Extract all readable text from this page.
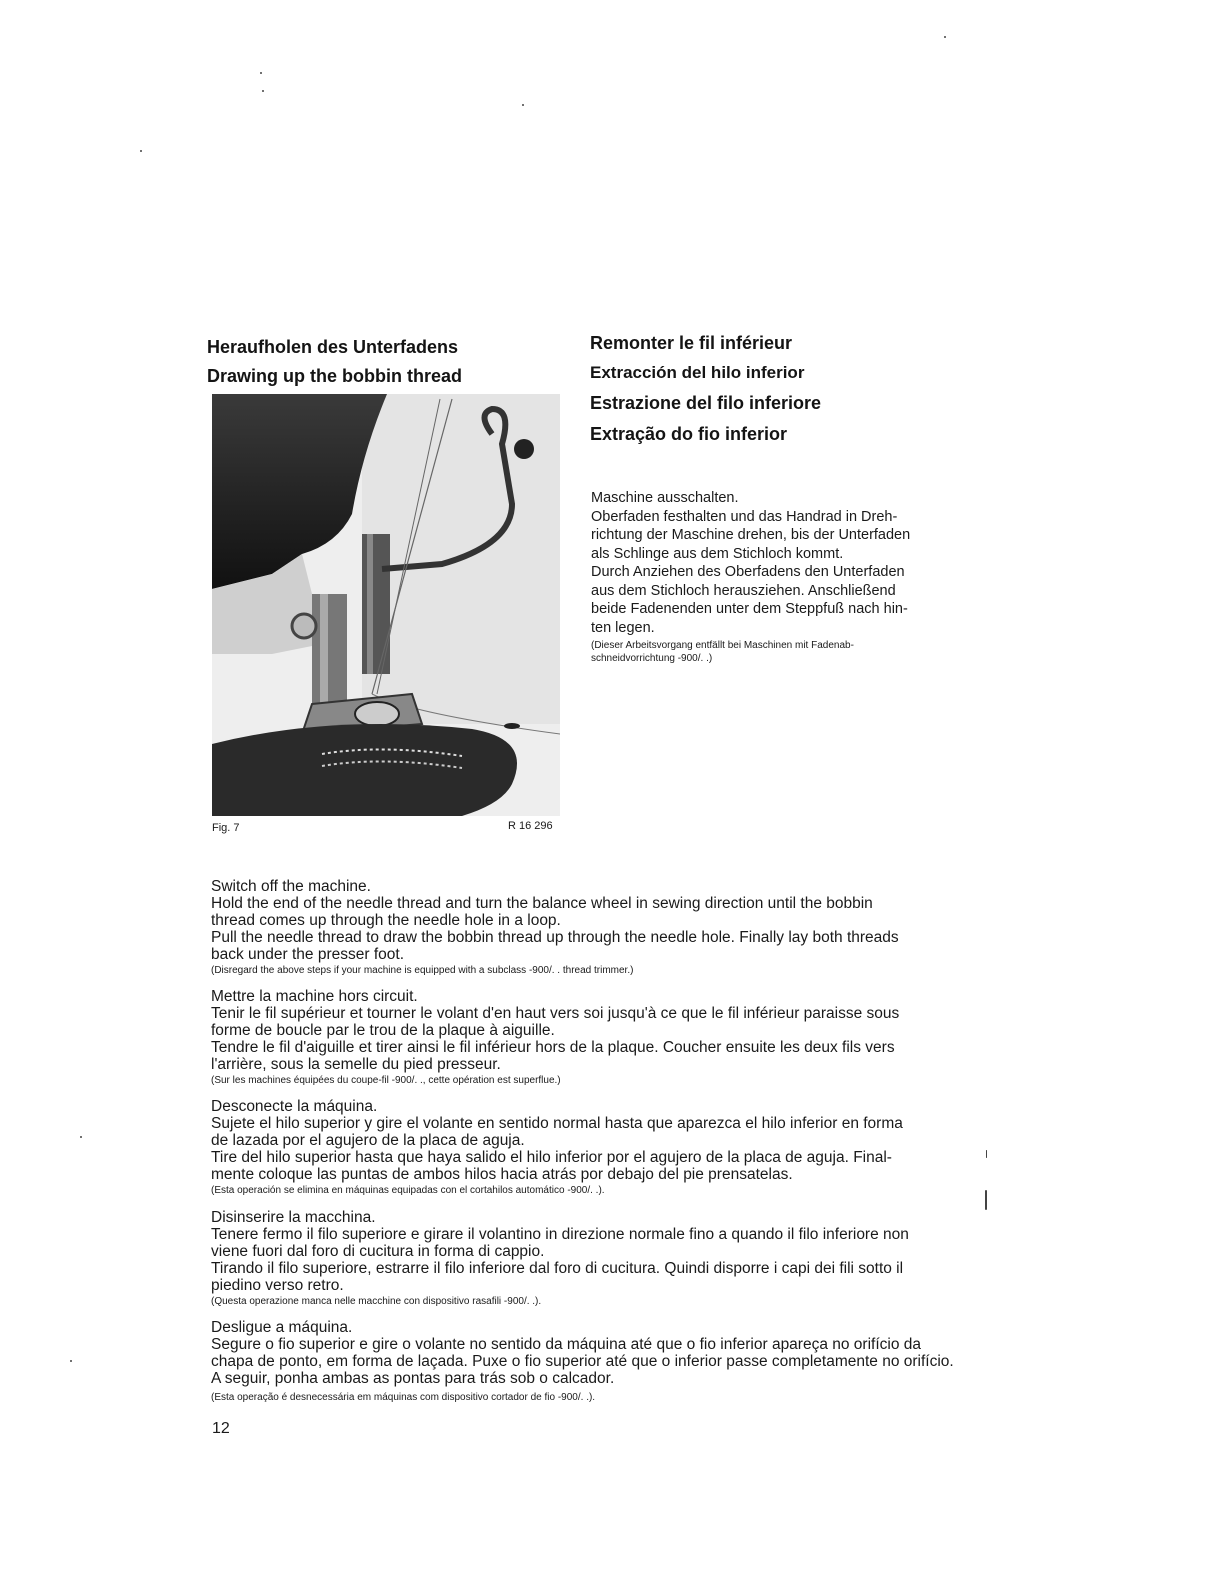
Heraufholen des Unterfadens
Drawing up the bobbin thread
Remonter le fil inférieur
Extracción del hilo inferior
Estrazione del filo inferiore
Extração do fio inferior
Fig. 7	R 16 296
Maschine ausschalten.
Oberfaden festhalten und das Handrad in Dreh-
richtung der Maschine drehen, bis der Unterfaden
als Schlinge aus dem Stichloch kommt.
Durch Anziehen des Oberfadens den Unterfaden
aus dem Stichloch herausziehen. Anschließend
beide Fadenenden unter dem Steppfuß nach hin-
ten legen.
(Dieser Arbeitsvorgang entfällt bei Maschinen mit Fadenab-
schneidvorrichtung -900/. .)
Switch off the machine.
Hold the end of the needle thread and turn the balance wheel in sewing direction until the bobbin
thread comes up through the needle hole in a loop.
Pull the needle thread to draw the bobbin thread up through the needle hole. Finally lay both threads
back under the presser foot.
(Disregard the above steps if your machine is equipped with a subclass -900/. . thread trimmer.)
Mettre la machine hors circuit.
Tenir le fil supérieur et tourner le volant d'en haut vers soi jusqu'à ce que le fil inférieur paraisse sous
forme de boucle par le trou de la plaque à aiguille.
Tendre le fil d'aiguille et tirer ainsi le fil inférieur hors de la plaque. Coucher ensuite les deux fils vers
l'arrière, sous la semelle du pied presseur.
(Sur les machines équipées du coupe-fil -900/. ., cette opération est superflue.)
Desconecte la máquina.
Sujete el hilo superior y gire el volante en sentido normal hasta que aparezca el hilo inferior en forma
de lazada por el agujero de la placa de aguja.
Tire del hilo superior hasta que haya salido el hilo inferior por el agujero de la placa de aguja. Final-
mente coloque las puntas de ambos hilos hacia atrás por debajo del pie prensatelas.
(Esta operación se elimina en máquinas equipadas con el cortahilos automático -900/. .).
Disinserire la macchina.
Tenere fermo il filo superiore e girare il volantino in direzione normale fino a quando il filo inferiore non
viene fuori dal foro di cucitura in forma di cappio.
Tirando il filo superiore, estrarre il filo inferiore dal foro di cucitura. Quindi disporre i capi dei fili sotto il
piedino verso retro.
(Questa operazione manca nelle macchine con dispositivo rasafili -900/. .).
Desligue a máquina.
Segure o fio superior e gire o volante no sentido da máquina até que o fio inferior apareça no orifício da
chapa de ponto, em forma de laçada. Puxe o fio superior até que o inferior passe completamente no orifício.
A seguir, ponha ambas as pontas para trás sob o calcador.
(Esta operação é desnecessária em máquinas com dispositivo cortador de fio -900/. .).
12
